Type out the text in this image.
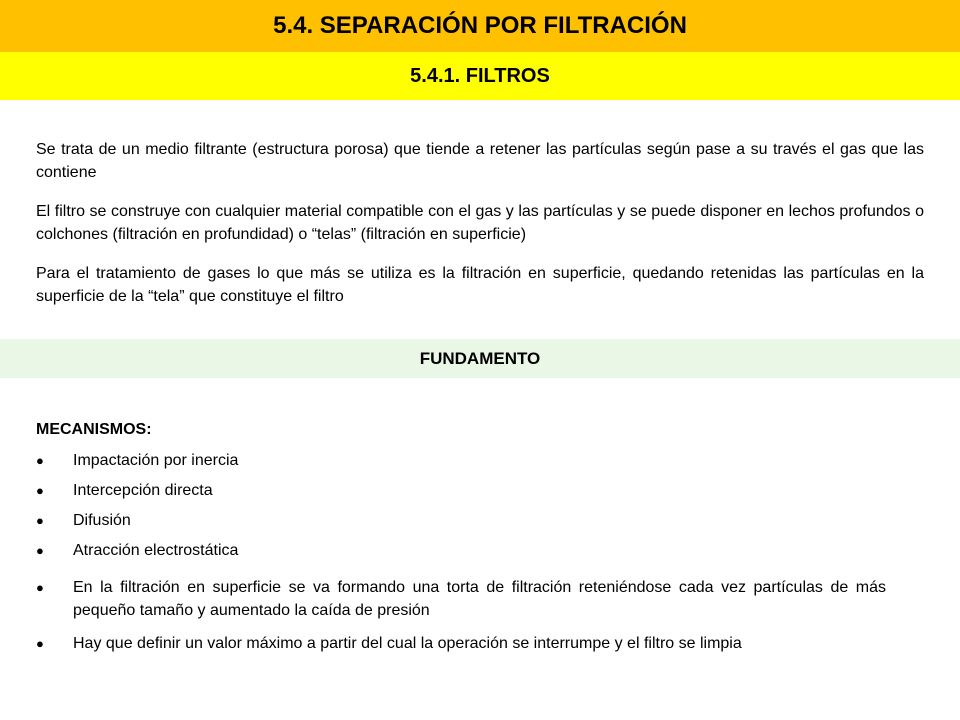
5.4. SEPARACIÓN POR FILTRACIÓN
5.4.1. FILTROS

Se trata de un medio filtrante (estructura porosa) que tiende a retener las partículas según pase a su través el gas que las contiene

El filtro se construye con cualquier material compatible con el gas y las partículas y se puede disponer en lechos profundos o colchones (filtración en profundidad) o “telas” (filtración en superficie)

Para el tratamiento de gases lo que más se utiliza es la filtración en superficie, quedando retenidas las partículas en la superficie de la “tela” que constituye el filtro

FUNDAMENTO
MECANISMOS:
●	Impactación por inercia
●	Intercepción directa
●	Difusión
●	Atracción electrostática
●	En la filtración en superficie se va formando una torta de filtración reteniéndose cada vez partículas de más pequeño tamaño y aumentado la caída de presión
●	Hay que definir un valor máximo a partir del cual la operación se interrumpe y el filtro se limpia
